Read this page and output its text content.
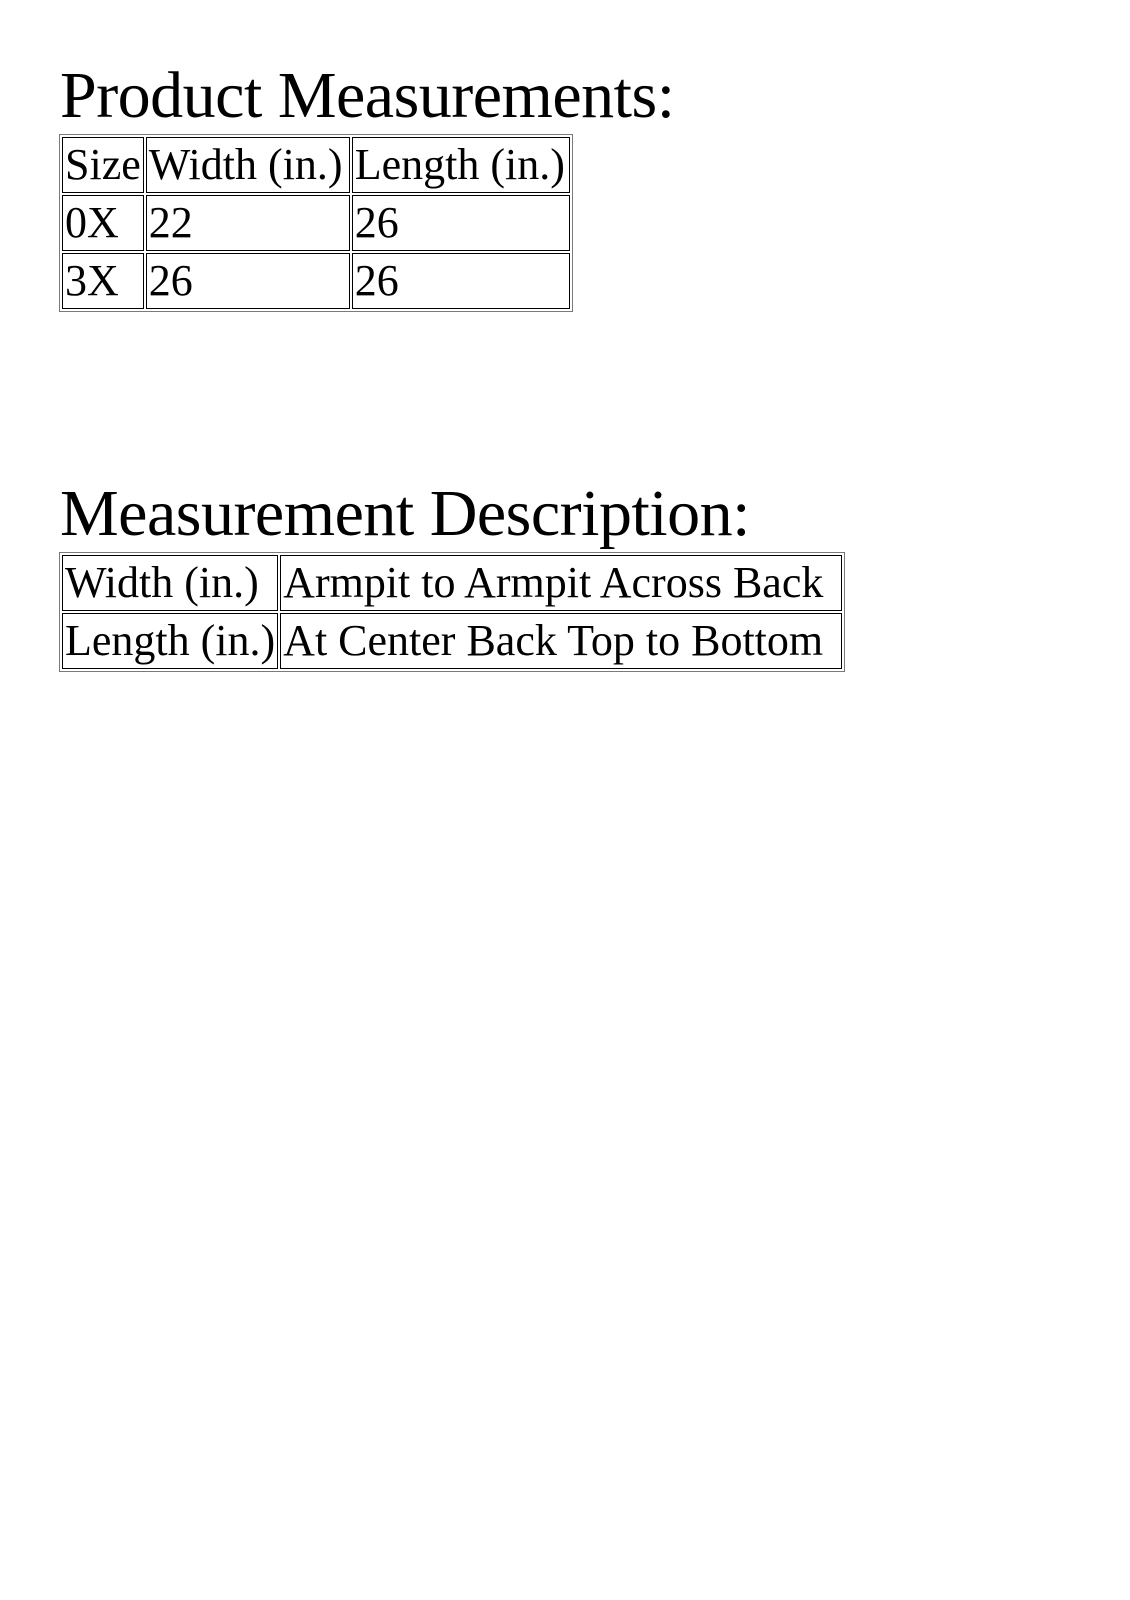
Product Measurements:
Size	Width (in.)	Length (in.)
0X	22	26
3X	26	26
Measurement Description:
Width (in.)	Armpit to Armpit Across Back
Length (in.)	At Center Back Top to Bottom
